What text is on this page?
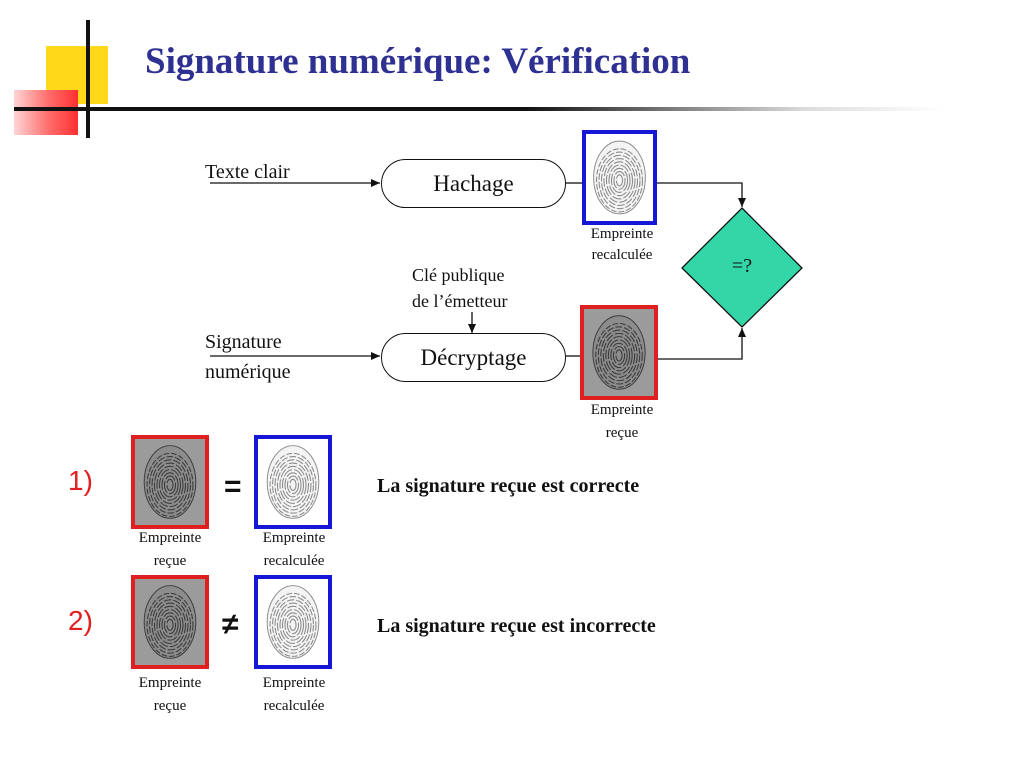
Signature numérique: Vérification
Texte clair
Signature
numérique
Hachage
Décryptage
Clé publique
de l’émetteur
=?
Empreinte
recalculée
Empreinte
reçue
1)
Empreinte
reçue
=
Empreinte
recalculée
La signature reçue est correcte
2)
Empreinte
reçue
≠
Empreinte
recalculée
La signature reçue est incorrecte
